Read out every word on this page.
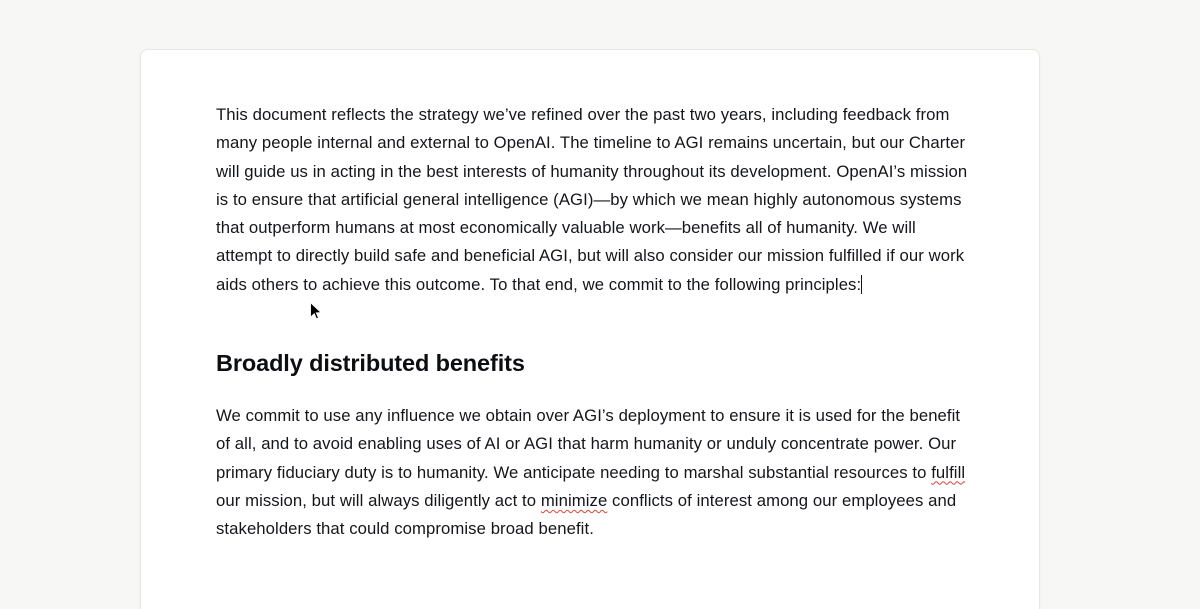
This document reflects the strategy we’ve refined over the past two years, including feedback from many people internal and external to OpenAI. The timeline to AGI remains uncertain, but our Charter will guide us in acting in the best interests of humanity throughout its development. OpenAI’s mission is to ensure that artificial general intelligence (AGI)—by which we mean highly autonomous systems that outperform humans at most economically valuable work—benefits all of humanity. We will attempt to directly build safe and beneficial AGI, but will also consider our mission fulfilled if our work aids others to achieve this outcome. To that end, we commit to the following principles:

Broadly distributed benefits

We commit to use any influence we obtain over AGI’s deployment to ensure it is used for the benefit of all, and to avoid enabling uses of AI or AGI that harm humanity or unduly concentrate power. Our primary fiduciary duty is to humanity. We anticipate needing to marshal substantial resources to fulfill our mission, but will always diligently act to minimize conflicts of interest among our employees and stakeholders that could compromise broad benefit.
